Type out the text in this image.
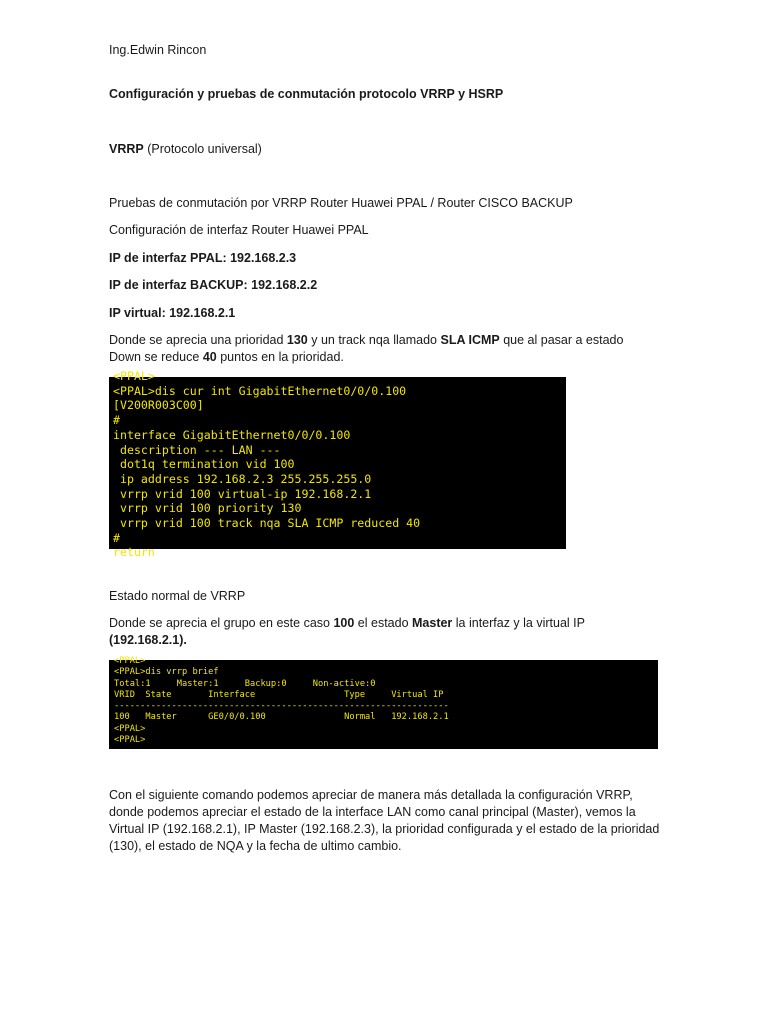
Ing.Edwin Rincon

Configuración y pruebas de conmutación protocolo VRRP y HSRP

VRRP (Protocolo universal)

Pruebas de conmutación por VRRP Router Huawei PPAL / Router CISCO BACKUP

Configuración de interfaz Router Huawei PPAL

IP de interfaz PPAL: 192.168.2.3

IP de interfaz BACKUP: 192.168.2.2

IP virtual: 192.168.2.1

Donde se aprecia una prioridad 130 y un track nqa llamado SLA ICMP que al pasar a estado Down se reduce 40 puntos en la prioridad.

<PPAL>
<PPAL>dis cur int GigabitEthernet0/0/0.100
[V200R003C00]
#
interface GigabitEthernet0/0/0.100
description --- LAN ---
dot1q termination vid 100
ip address 192.168.2.3 255.255.255.0
vrrp vrid 100 virtual-ip 192.168.2.1
vrrp vrid 100 priority 130
vrrp vrid 100 track nqa SLA ICMP reduced 40
#
return

Estado normal de VRRP

Donde se aprecia el grupo en este caso 100 el estado Master la interfaz y la virtual IP (192.168.2.1).

<PPAL>
<PPAL>dis vrrp brief
Total:1     Master:1     Backup:0     Non-active:0
VRID  State       Interface                 Type     Virtual IP
----------------------------------------------------------------
100   Master      GE0/0/0.100               Normal   192.168.2.1
<PPAL>
<PPAL>

Con el siguiente comando podemos apreciar de manera más detallada la configuración VRRP, donde podemos apreciar el estado de la interface LAN como canal principal (Master), vemos la Virtual IP (192.168.2.1), IP Master (192.168.2.3), la prioridad configurada y el estado de la prioridad (130), el estado de NQA y la fecha de ultimo cambio.
